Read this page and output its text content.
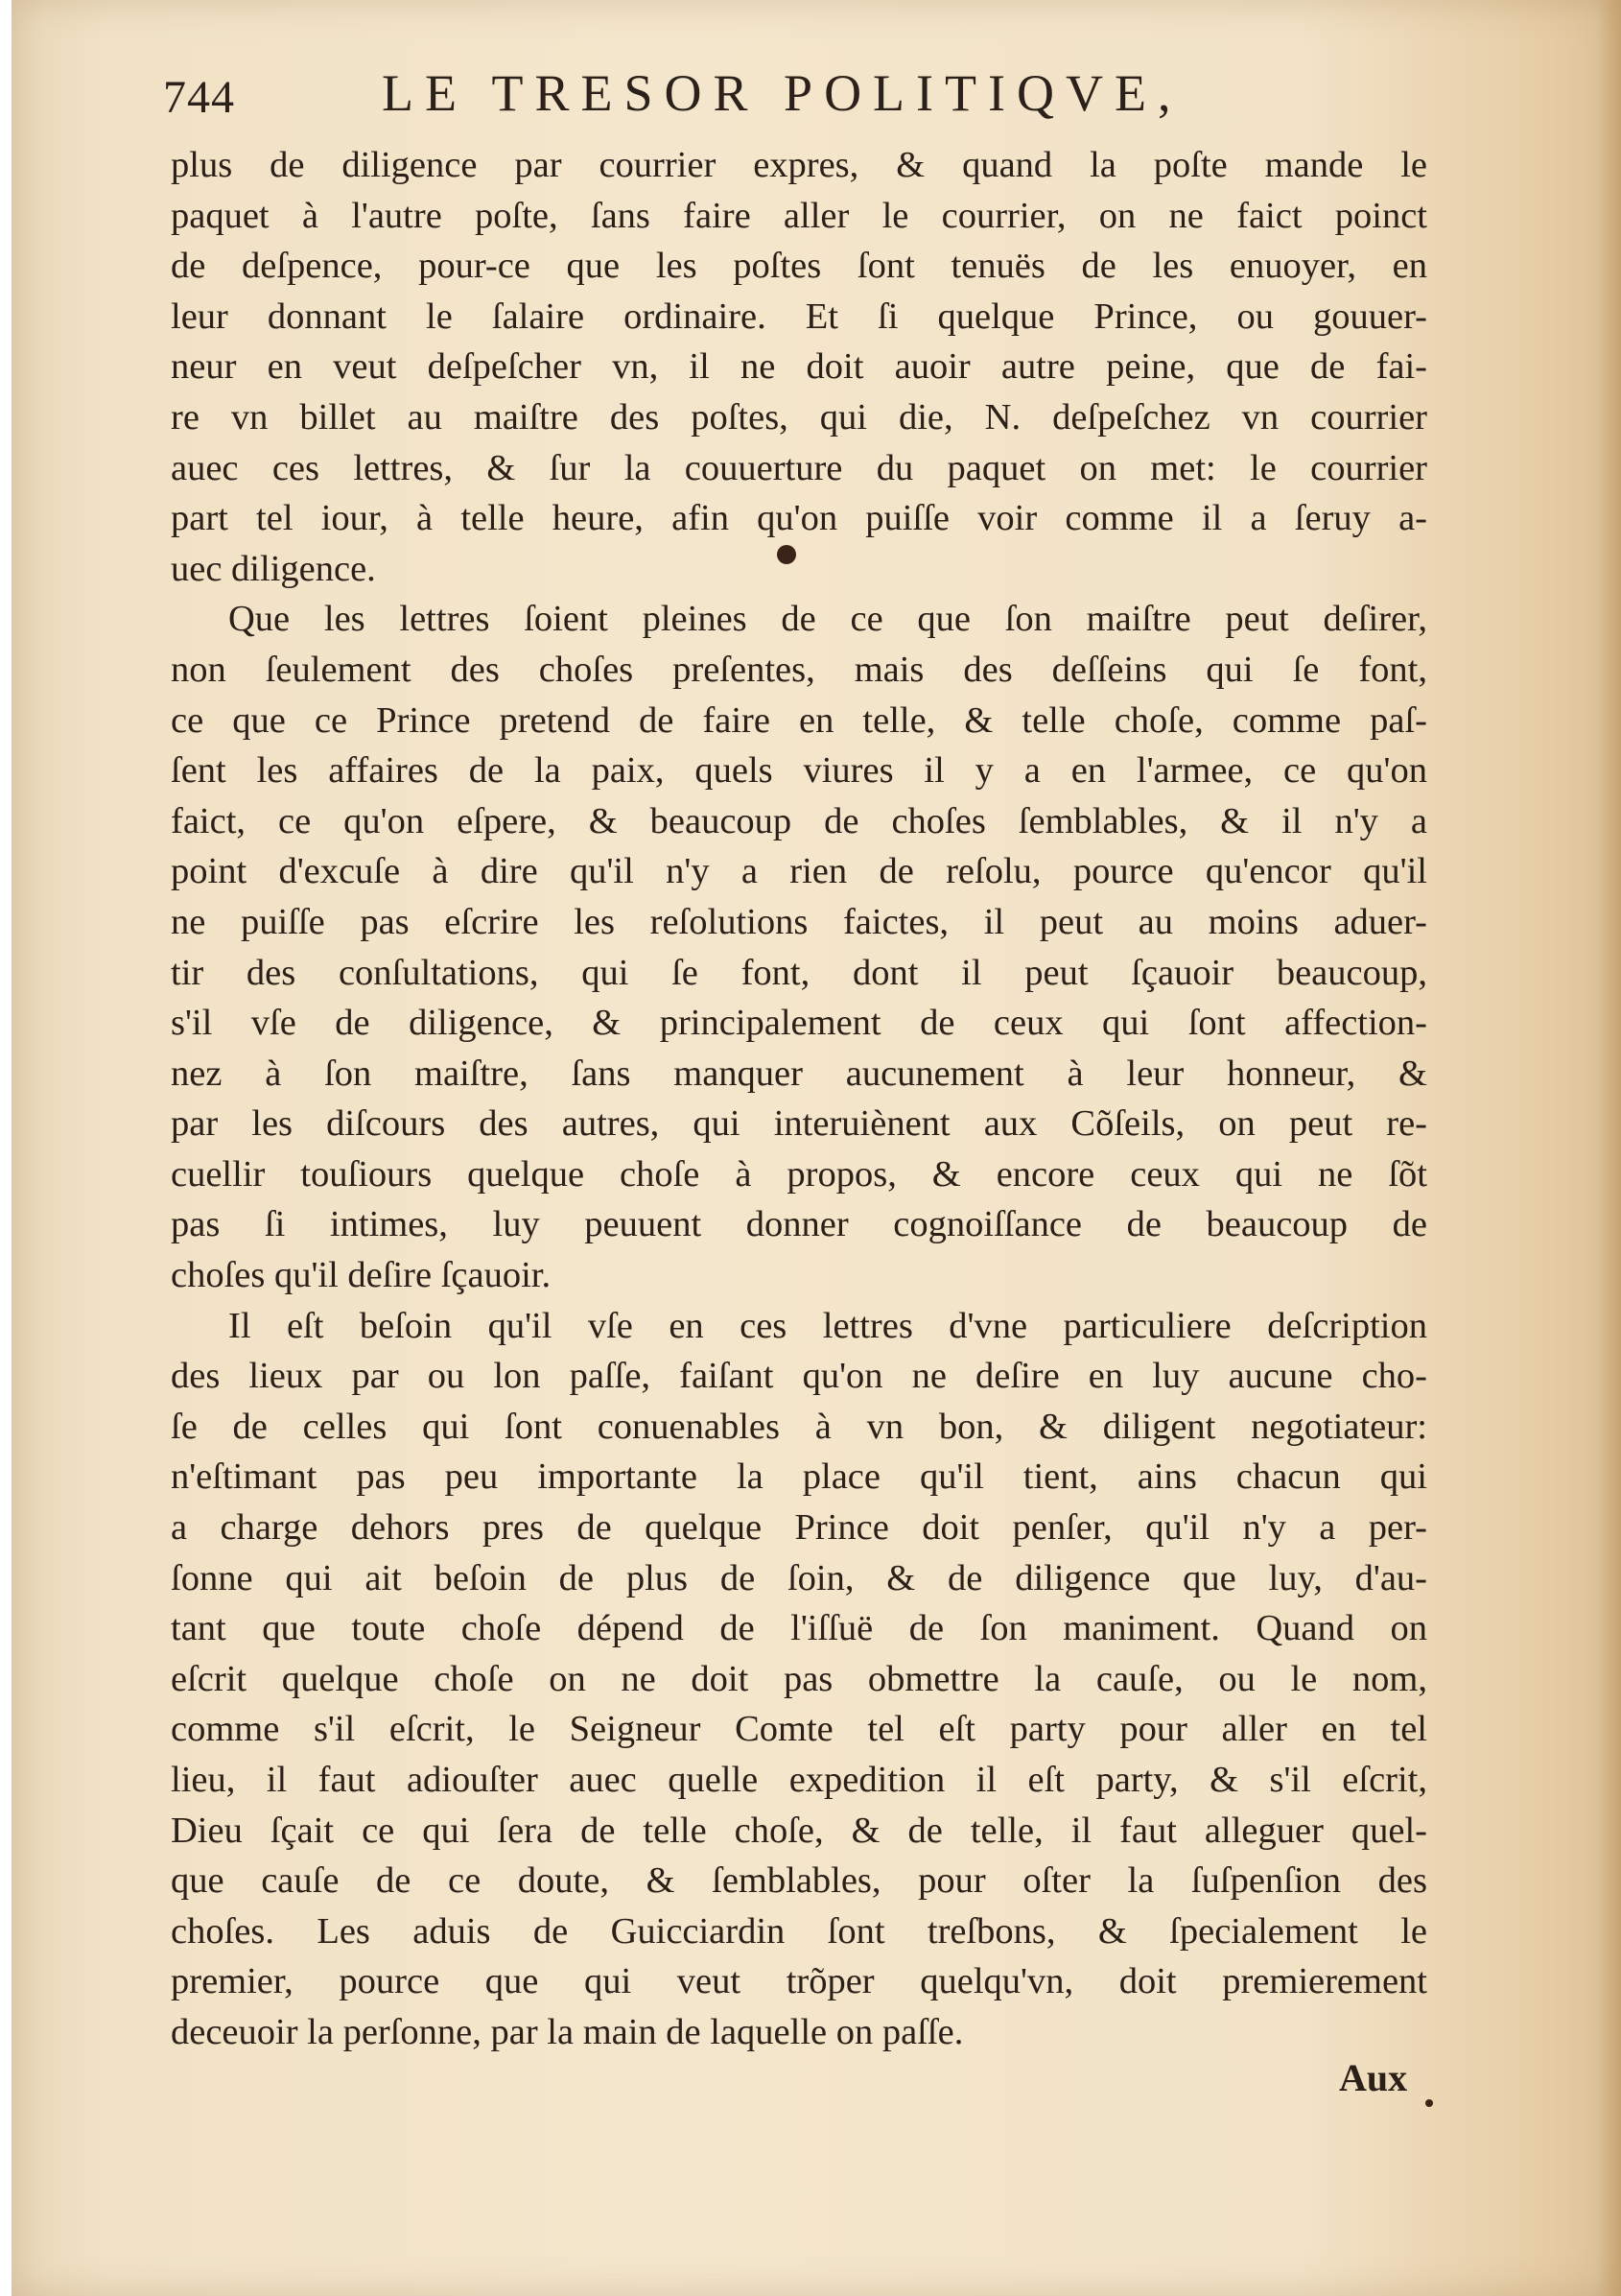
744	LE TRESOR POLITIQVE,
plus de diligence par courrier expres, & quand la poſte mande le
paquet à l'autre poſte, ſans faire aller le courrier, on ne faict poinct
de deſpence, pour-ce que les poſtes ſont tenuës de les enuoyer, en
leur donnant le ſalaire ordinaire. Et ſi quelque Prince, ou gouuer-
neur en veut deſpeſcher vn, il ne doit auoir autre peine, que de fai-
re vn billet au maiſtre des poſtes, qui die, N. deſpeſchez vn courrier
auec ces lettres, & ſur la couuerture du paquet on met: le courrier
part tel iour, à telle heure, afin qu'on puiſſe voir comme il a ſeruy a-
uec diligence.
Que les lettres ſoient pleines de ce que ſon maiſtre peut deſirer,
non ſeulement des choſes preſentes, mais des deſſeins qui ſe font,
ce que ce Prince pretend de faire en telle, & telle choſe, comme paſ-
ſent les affaires de la paix, quels viures il y a en l'armee, ce qu'on
faict, ce qu'on eſpere, & beaucoup de choſes ſemblables, & il n'y a
point d'excuſe à dire qu'il n'y a rien de reſolu, pource qu'encor qu'il
ne puiſſe pas eſcrire les reſolutions faictes, il peut au moins aduer-
tir des conſultations, qui ſe font, dont il peut ſçauoir beaucoup,
s'il vſe de diligence, & principalement de ceux qui ſont affection-
nez à ſon maiſtre, ſans manquer aucunement à leur honneur, &
par les diſcours des autres, qui interuiènent aux Cõſeils, on peut re-
cuellir touſiours quelque choſe à propos, & encore ceux qui ne ſõt
pas ſi intimes, luy peuuent donner cognoiſſance de beaucoup de
choſes qu'il deſire ſçauoir.
Il eſt beſoin qu'il vſe en ces lettres d'vne particuliere deſcription
des lieux par ou lon paſſe, faiſant qu'on ne deſire en luy aucune cho-
ſe de celles qui ſont conuenables à vn bon, & diligent negotiateur:
n'eſtimant pas peu importante la place qu'il tient, ains chacun qui
a charge dehors pres de quelque Prince doit penſer, qu'il n'y a per-
ſonne qui ait beſoin de plus de ſoin, & de diligence que luy, d'au-
tant que toute choſe dépend de l'iſſuë de ſon maniment. Quand on
eſcrit quelque choſe on ne doit pas obmettre la cauſe, ou le nom,
comme s'il eſcrit, le Seigneur Comte tel eſt party pour aller en tel
lieu, il faut adiouſter auec quelle expedition il eſt party, & s'il eſcrit,
Dieu ſçait ce qui ſera de telle choſe, & de telle, il faut alleguer quel-
que cauſe de ce doute, & ſemblables, pour oſter la ſuſpenſion des
choſes. Les aduis de Guicciardin ſont treſbons, & ſpecialement le
premier, pource que qui veut trõper quelqu'vn, doit premierement
deceuoir la perſonne, par la main de laquelle on paſſe.
Aux
